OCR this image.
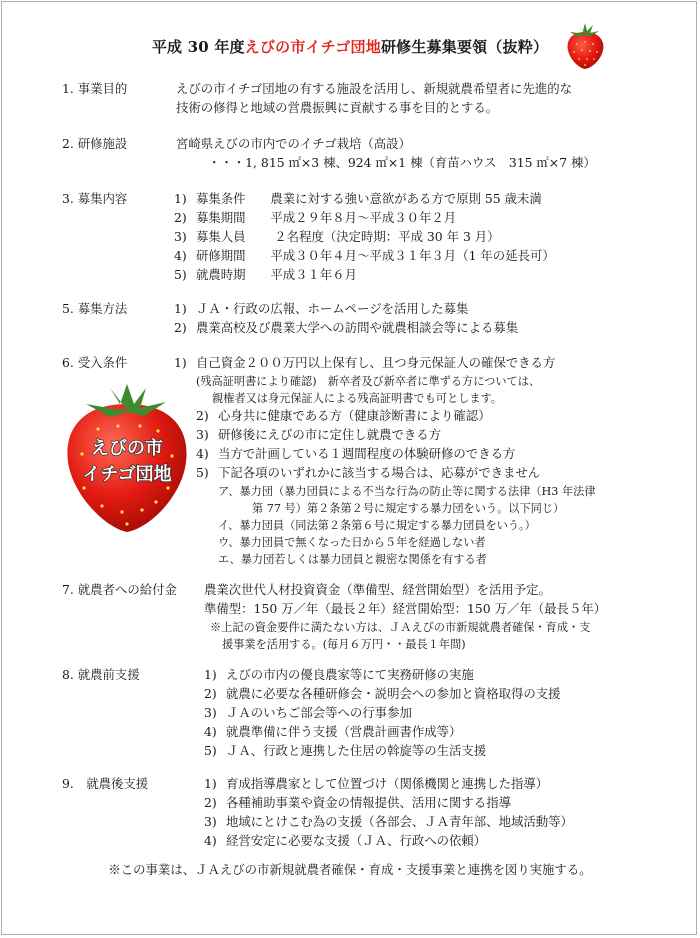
平成 30 年度えびの市イチゴ団地研修生募集要領（抜粋）
えびの市
イチゴ団地
1. 事業目的	えびの市イチゴ団地の有する施設を活用し、新規就農希望者に先進的な
技術の修得と地域の営農振興に貢献する事を目的とする。
2. 研修施設	宮崎県えびの市内でのイチゴ栽培（高設）
・・・1, 815 ㎡×3 棟、924 ㎡×1 棟（育苗ハウス　315 ㎡×7 棟）
3. 募集内容	1) 募集条件　　農業に対する強い意欲がある方で原則 55 歳未満
2) 募集期間　　平成２９年８月～平成３０年２月
3) 募集人員　　 ２名程度（決定時期：平成 30 年 3 月）
4) 研修期間　　平成３０年４月～平成３１年３月（1 年の延長可）
5) 就農時期　　平成３１年６月
5. 募集方法	1) ＪＡ・行政の広報、ホームページを活用した募集
2) 農業高校及び農業大学への訪問や就農相談会等による募集
6. 受入条件	1) 自己資金２００万円以上保有し、且つ身元保証人の確保できる方
(残高証明書により確認)　新卒者及び新卒者に準ずる方については、
親権者又は身元保証人による残高証明書でも可とします。
2) 心身共に健康である方（健康診断書により確認）
3) 研修後にえびの市に定住し就農できる方
4) 当方で計画している１週間程度の体験研修のできる方
5) 下記各項のいずれかに該当する場合は、応募ができません
ア、暴力団（暴力団員による不当な行為の防止等に関する法律（H3 年法律
第 77 号）第２条第２号に規定する暴力団をいう。以下同じ）
イ、暴力団員（同法第２条第６号に規定する暴力団員をいう。）
ウ、暴力団員で無くなった日から５年を経過しない者
エ、暴力団若しくは暴力団員と親密な関係を有する者
7. 就農者への給付金 農業次世代人材投資資金（準備型、経営開始型）を活用予定。
準備型：150 万／年（最長２年）経営開始型：150 万／年（最長５年）
※上記の資金要件に満たない方は、ＪＡえびの市新規就農者確保・育成・支
援事業を活用する。(毎月６万円・・最長１年間)
8. 就農前支援	1) えびの市内の優良農家等にて実務研修の実施
2) 就農に必要な各種研修会・説明会への参加と資格取得の支援
3) ＪＡのいちご部会等への行事参加
4) 就農準備に伴う支援（営農計画書作成等）
5) ＪＡ、行政と連携した住居の斡旋等の生活支援
9.　就農後支援	1) 育成指導農家として位置づけ（関係機関と連携した指導）
2) 各種補助事業や資金の情報提供、活用に関する指導
3) 地域にとけこむ為の支援（各部会、ＪＡ青年部、地域活動等）
4) 経営安定に必要な支援（ＪＡ、行政への依頼）
※この事業は、ＪＡえびの市新規就農者確保・育成・支援事業と連携を図り実施する。
